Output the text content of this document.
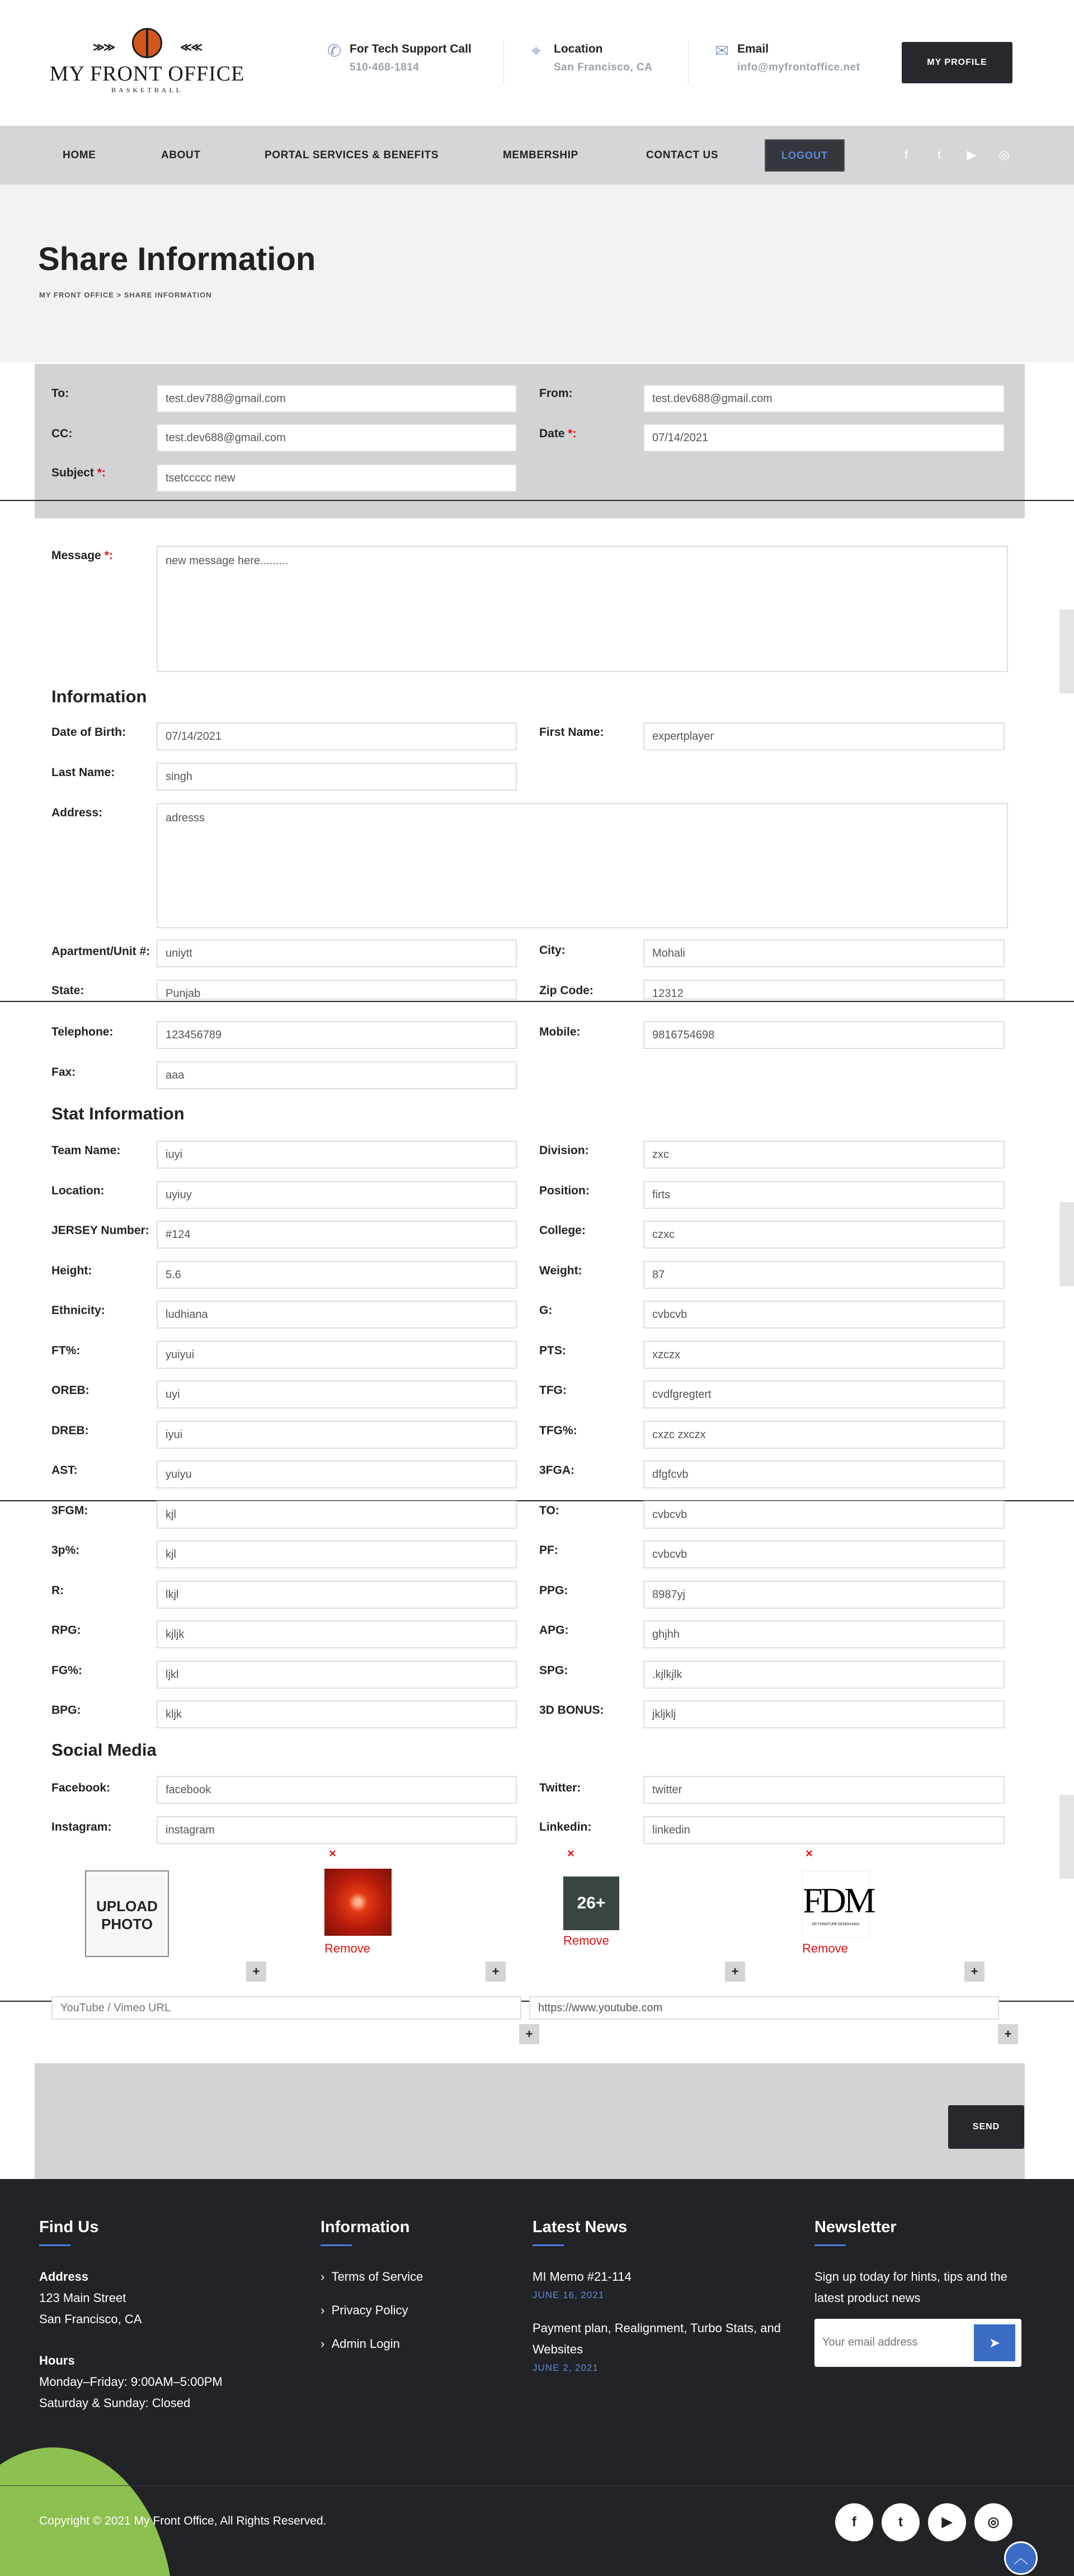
≫≫	≪≪
MY FRONT OFFICE
BASKETBALL
✆ For Tech Support Call
510-468-1814
⌖	Location
San Francisco, CA
✉ Email
info@myfrontoffice.net	MY PROFILE
HOME	ABOUT	PORTAL SERVICES & BENEFITS	MEMBERSHIP	CONTACT US	LOGOUT	f	t	▶ ◎
Share Information
MY FRONT OFFICE > SHARE INFORMATION
To:	test.dev788@gmail.com	From:	test.dev688@gmail.com
CC:	test.dev688@gmail.com	Date *:	07/14/2021
Subject *:	tsetccccc new
Message *:	new message here.........
Information
Date of Birth:	07/14/2021	First Name:	expertplayer
Last Name:	singh
Address:	adresss
Apartment/Unit #:	uniytt	City:	Mohali
State:	Punjab	Zip Code:	12312
Telephone:	123456789	Mobile:	9816754698
Fax:	aaa
Stat Information
Team Name:	iuyi	Division:	zxc
Location:	uyiuy	Position:	firts
JERSEY Number:	#124	College:	czxc
Height:	5.6	Weight:	87
Ethnicity:	ludhiana	G:	cvbcvb
FT%:	yuiyui	PTS:	xzczx
OREB:	uyi	TFG:	cvdfgregtert
DREB:	iyui	TFG%:	cxzc zxczx
AST:	yuiyu	3FGA:	dfgfcvb
3FGM:	kjl	TO:	cvbcvb
3p%:	kjl	PF:	cvbcvb
R:	lkjl	PPG:	8987yj
RPG:	kjljk	APG:	ghjhh
FG%:	ljkl	SPG:	.kjlkjlk
BPG:	kljk	3D BONUS:	jkljklj
Social Media
Facebook:	facebook	Twitter:	twitter
Instagram:	instagram	Linkedin:	linkedin
UPLOAD
PHOTO
×
Remove
×
26+
Remove
×
FDM
DR FURNITURE DESIGN MAG
Remove
+	+	+	+
YouTube / Vimeo URL
https://www.youtube.com
+	+
SEND
Find Us
Address
123 Main Street
San Francisco, CA
Hours
Monday–Friday: 9:00AM–5:00PM
Saturday & Sunday: Closed
Information
›  Terms of Service
›  Privacy Policy
›  Admin Login
Latest News
MI Memo #21-114
JUNE 16, 2021
Payment plan, Realignment, Turbo Stats, and Websites
JUNE 2, 2021
Newsletter
Sign up today for hints, tips and the latest product news
Your email address
➤
Copyright © 2021 My Front Office, All Rights Reserved.	f	t	▶	◎
︿
